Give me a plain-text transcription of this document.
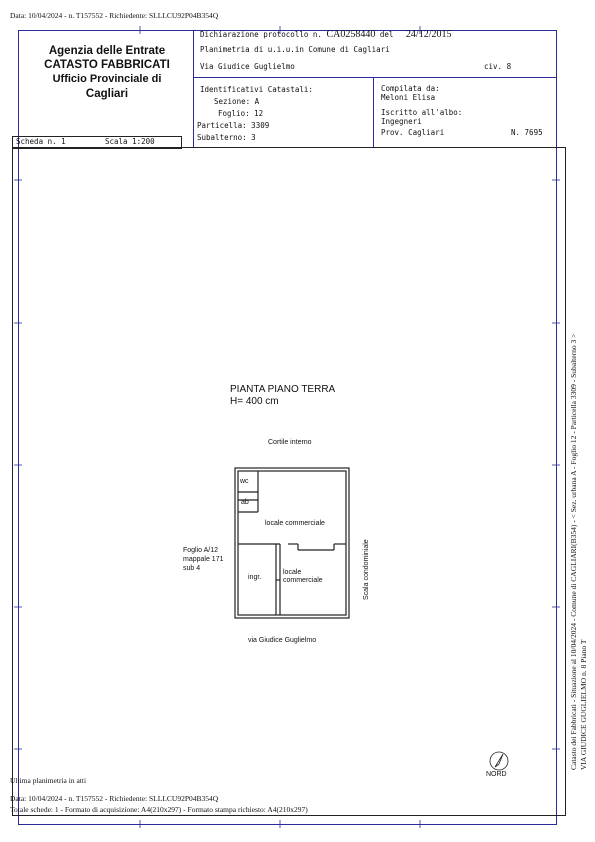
Data: 10/04/2024 - n. T157552 - Richiedente: SLLLCU92P04B354Q
Agenzia delle Entrate
CATASTO FABBRICATI
Ufficio Provinciale di
Cagliari
Dichiarazione protocollo n. CA0258440 del 24/12/2015
Planimetria di u.i.u.in Comune di Cagliari
Via Giudice Guglielmo	civ. 8
Identificativi Catastali:
Sezione: A
Foglio: 12
Particella: 3309
Subalterno: 3
Compilata da:
Meloni Elisa
Iscritto all'albo:
Ingegneri
Prov. Cagliari	N. 7695
Scheda n. 1	Scala 1:200
PIANTA PIANO TERRA
H= 400 cm
Cortile interno
wc
ab
locale commerciale
ingr.
locale
commerciale
Foglio A/12
mappale 171
sub 4	Scala condominiale
via Giudice Guglielmo
NORD
Catasto dei Fabbricati - Situazione al 10/04/2024 - Comune di CAGLIARI(B354) - < Sez. urbana A - Foglio 12 - Particella 3309 - Subalterno 3 > VIA GIUDICE GUGLIELMO n. 8 Piano T
Ultima planimetria in atti
Data: 10/04/2024 - n. T157552 - Richiedente: SLLLCU92P04B354Q
Totale schede: 1 - Formato di acquisizione: A4(210x297) - Formato stampa richiesto: A4(210x297)
